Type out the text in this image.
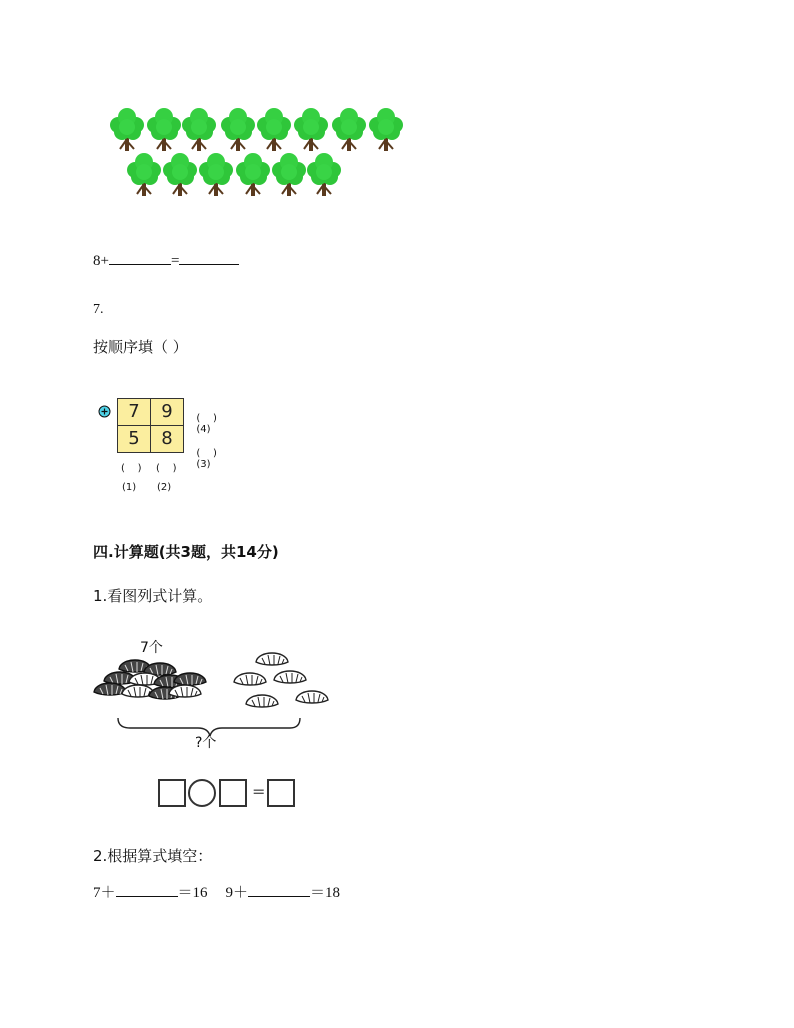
8+	=
7.
按顺序填（ ）
7	9
5	8

(    )
(4)

(    )
(3)

(    ) (    )
(1) (2)
四.计算题(共3题，共14分)
1.看图列式计算。
7个
?个
=
2.根据算式填空：
7＋	＝16 9＋	＝18
